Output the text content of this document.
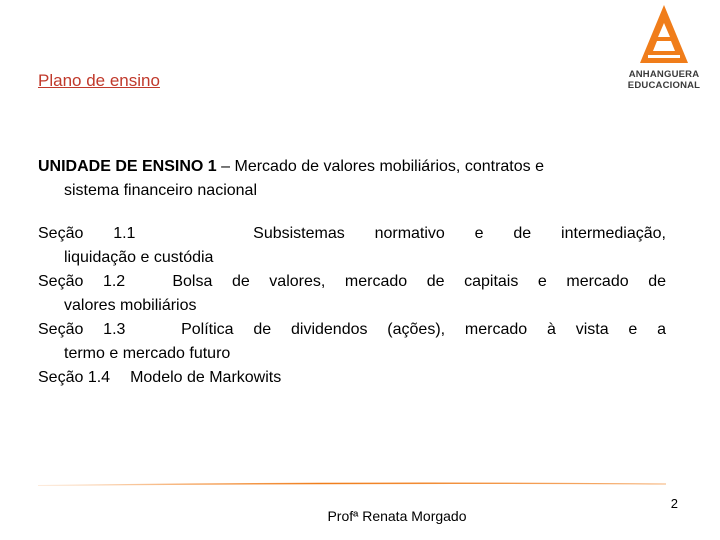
Plano de ensino	ANHANGUERA
EDUCACIONAL
UNIDADE DE ENSINO 1 – Mercado de valores mobiliários, contratos e
sistema financeiro nacional
Seção 1.1	Subsistemas normativo e de intermediação,
liquidação e custódia
Seção 1.2	Bolsa de valores, mercado de capitais e mercado de
valores mobiliários
Seção 1.3	Política de dividendos (ações), mercado à vista e a
termo e mercado futuro
Seção 1.4 Modelo de Markowits
Profª Renata Morgado
2
